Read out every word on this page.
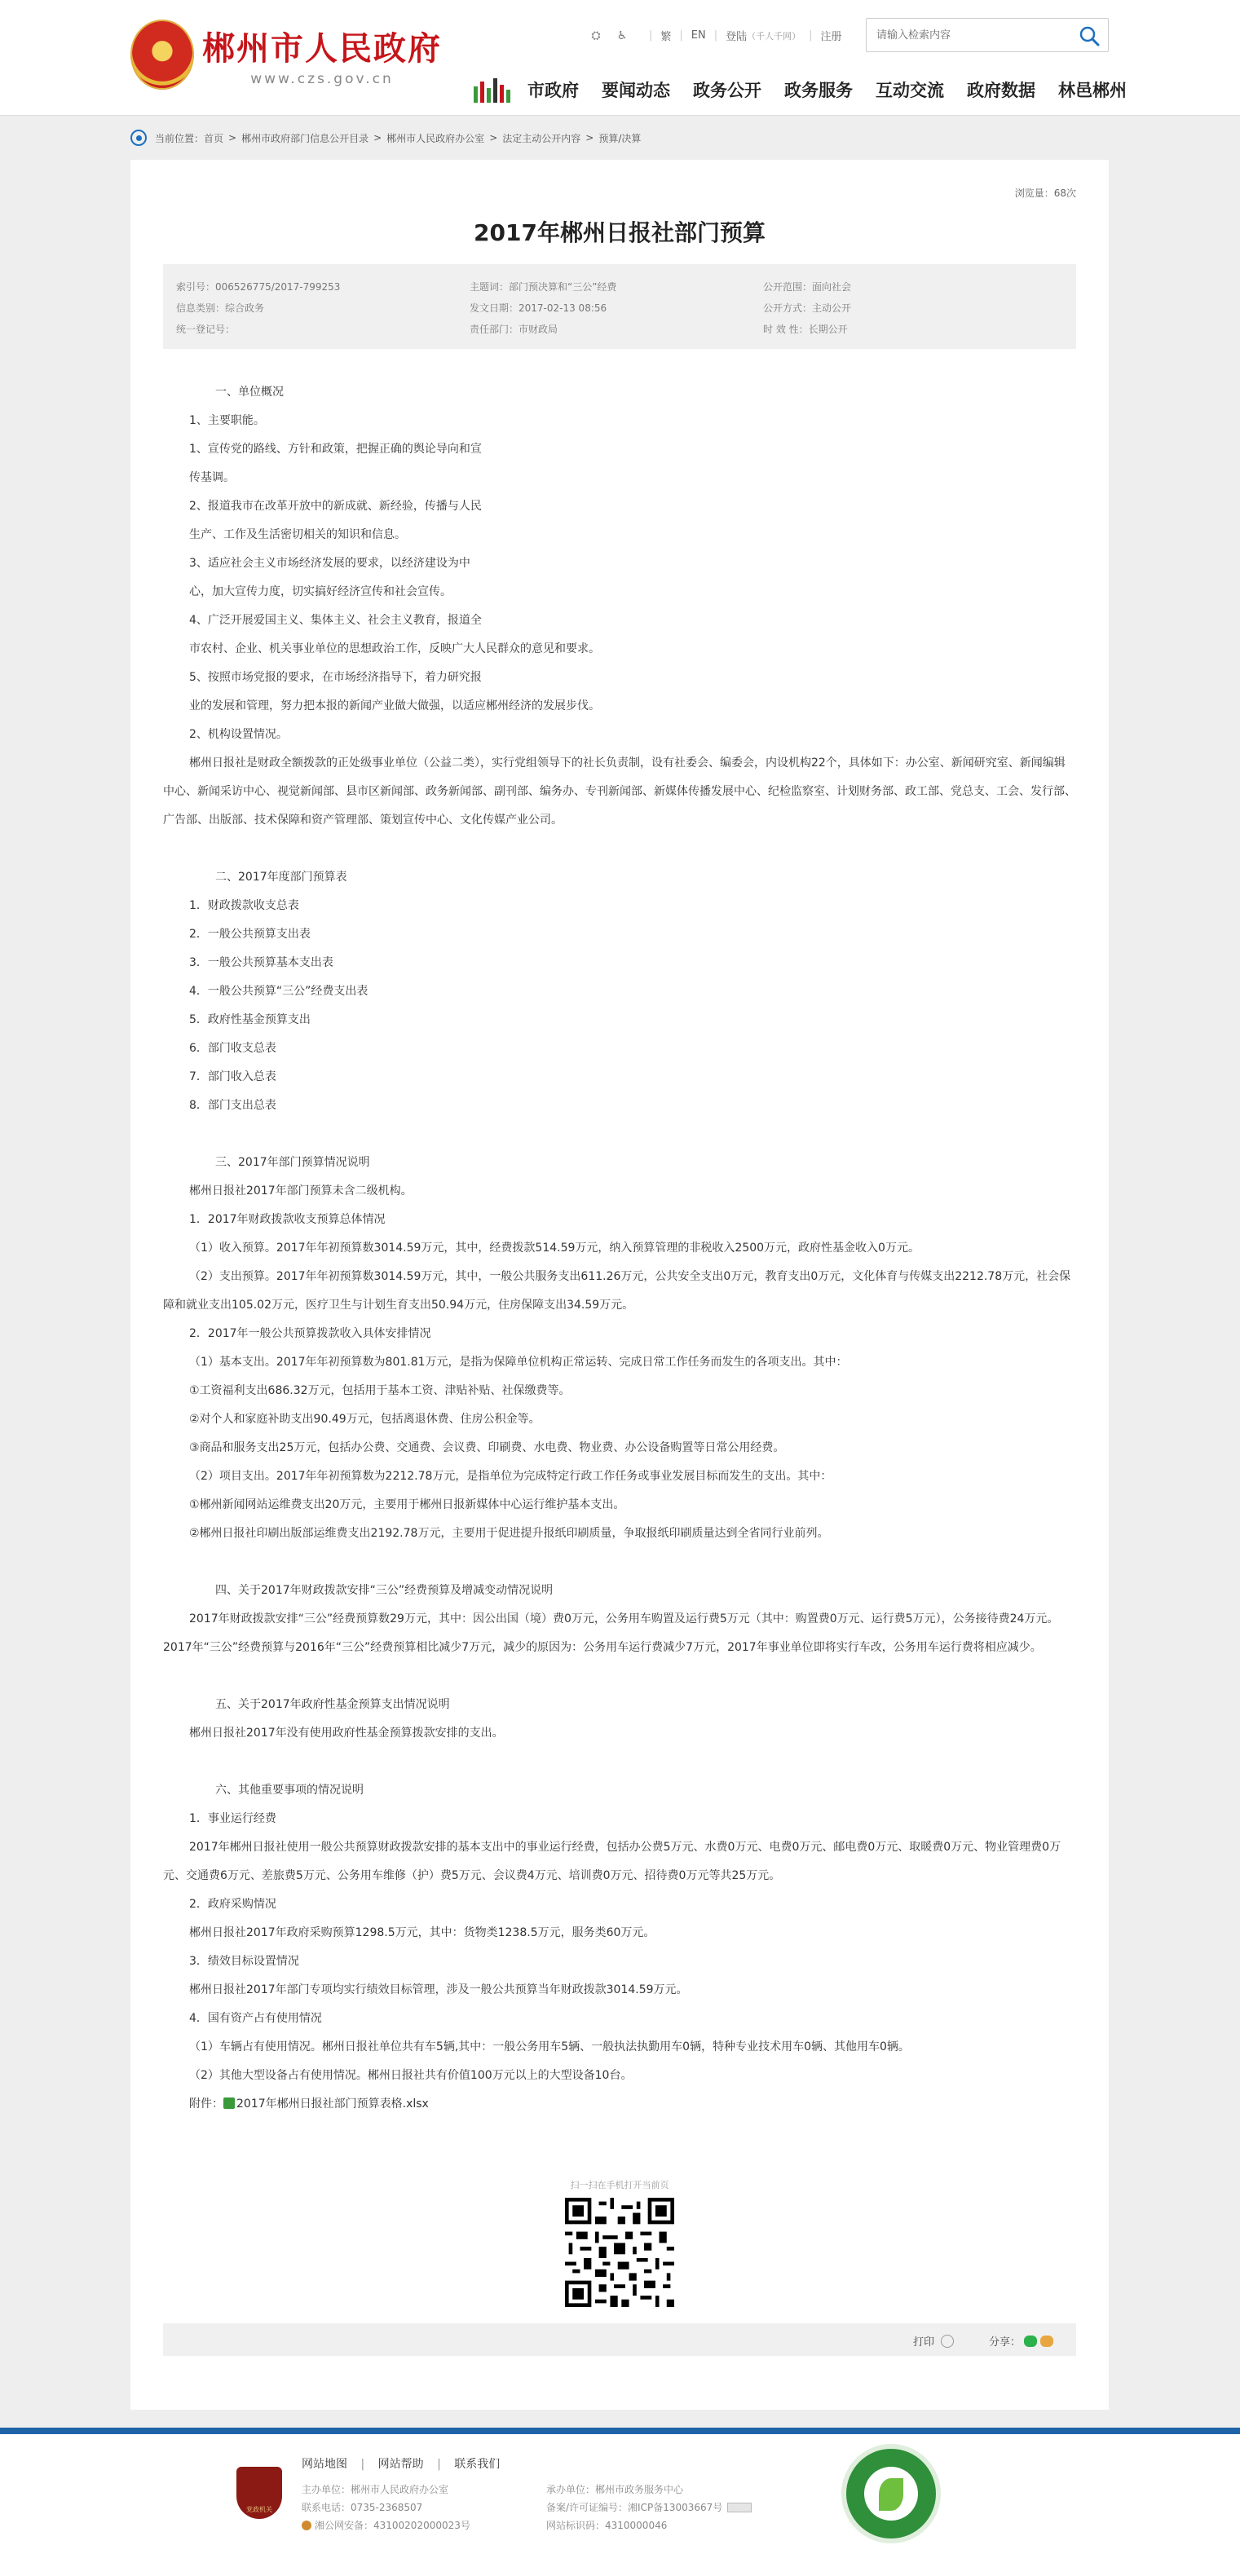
郴州市人民政府
www.czs.gov.cn
⛭ ♿ | 繁 | EN | 登陆 （千人千网） | 注册
请输入检索内容
市政府 要闻动态 政务公开 政务服务 互动交流 政府数据 林邑郴州
当前位置： 首页 > 郴州市政府部门信息公开目录 > 郴州市人民政府办公室 > 法定主动公开内容 > 预算/决算
浏览量：68次
2017年郴州日报社部门预算
索引号：006526775/2017-799253	主题词：部门预决算和“三公”经费	公开范围：面向社会
信息类别：综合政务	发文日期：2017-02-13 08:56	公开方式：主动公开
统一登记号：	责任部门：市财政局	时 效 性：长期公开

一、单位概况

1、主要职能。

1、宣传党的路线、方针和政策，把握正确的舆论导向和宣

传基调。

2、报道我市在改革开放中的新成就、新经验，传播与人民

生产、工作及生活密切相关的知识和信息。

3、适应社会主义市场经济发展的要求，以经济建设为中

心，加大宣传力度，切实搞好经济宣传和社会宣传。

4、广泛开展爱国主义、集体主义、社会主义教育，报道全

市农村、企业、机关事业单位的思想政治工作，反映广大人民群众的意见和要求。

5、按照市场党报的要求，在市场经济指导下，着力研究报

业的发展和管理，努力把本报的新闻产业做大做强，以适应郴州经济的发展步伐。

2、机构设置情况。

郴州日报社是财政全额拨款的正处级事业单位（公益二类），实行党组领导下的社长负责制，设有社委会、编委会，内设机构22个，具体如下：办公室、新闻研究室、新闻编辑中心、新闻采访中心、视觉新闻部、县市区新闻部、政务新闻部、副刊部、编务办、专刊新闻部、新媒体传播发展中心、纪检监察室、计划财务部、政工部、党总支、工会、发行部、广告部、出版部、技术保障和资产管理部、策划宣传中心、文化传媒产业公司。

二、2017年度部门预算表

1．财政拨款收支总表

2．一般公共预算支出表

3．一般公共预算基本支出表

4．一般公共预算“三公”经费支出表

5．政府性基金预算支出

6．部门收支总表

7．部门收入总表

8．部门支出总表

三、2017年部门预算情况说明

郴州日报社2017年部门预算未含二级机构。

1．2017年财政拨款收支预算总体情况

（1）收入预算。2017年年初预算数3014.59万元，其中，经费拨款514.59万元，纳入预算管理的非税收入2500万元，政府性基金收入0万元。

（2）支出预算。2017年年初预算数3014.59万元，其中，一般公共服务支出611.26万元，公共安全支出0万元，教育支出0万元，文化体育与传媒支出2212.78万元，社会保障和就业支出105.02万元，医疗卫生与计划生育支出50.94万元，住房保障支出34.59万元。

2．2017年一般公共预算拨款收入具体安排情况

（1）基本支出。2017年年初预算数为801.81万元，是指为保障单位机构正常运转、完成日常工作任务而发生的各项支出。其中：

①工资福利支出686.32万元，包括用于基本工资、津贴补贴、社保缴费等。

②对个人和家庭补助支出90.49万元，包括离退休费、住房公积金等。

③商品和服务支出25万元，包括办公费、交通费、会议费、印刷费、水电费、物业费、办公设备购置等日常公用经费。

（2）项目支出。2017年年初预算数为2212.78万元，是指单位为完成特定行政工作任务或事业发展目标而发生的支出。其中：

①郴州新闻网站运维费支出20万元，主要用于郴州日报新媒体中心运行维护基本支出。

②郴州日报社印刷出版部运维费支出2192.78万元，主要用于促进提升报纸印刷质量，争取报纸印刷质量达到全省同行业前列。

四、关于2017年财政拨款安排“三公”经费预算及增减变动情况说明

2017年财政拨款安排“三公”经费预算数29万元，其中：因公出国（境）费0万元，公务用车购置及运行费5万元（其中：购置费0万元、运行费5万元），公务接待费24万元。2017年“三公”经费预算与2016年“三公”经费预算相比减少7万元，减少的原因为：公务用车运行费减少7万元，2017年事业单位即将实行车改，公务用车运行费将相应减少。

五、关于2017年政府性基金预算支出情况说明

郴州日报社2017年没有使用政府性基金预算拨款安排的支出。

六、其他重要事项的情况说明

1．事业运行经费

2017年郴州日报社使用一般公共预算财政拨款安排的基本支出中的事业运行经费，包括办公费5万元、水费0万元、电费0万元、邮电费0万元、取暖费0万元、物业管理费0万元、交通费6万元、差旅费5万元、公务用车维修（护）费5万元、会议费4万元、培训费0万元、招待费0万元等共25万元。

2．政府采购情况

郴州日报社2017年政府采购预算1298.5万元，其中：货物类1238.5万元，服务类60万元。

3．绩效目标设置情况

郴州日报社2017年部门专项均实行绩效目标管理，涉及一般公共预算当年财政拨款3014.59万元。

4．国有资产占有使用情况

（1）车辆占有使用情况。郴州日报社单位共有车5辆,其中：一般公务用车5辆、一般执法执勤用车0辆，特种专业技术用车0辆、其他用车0辆。

（2）其他大型设备占有使用情况。郴州日报社共有价值100万元以上的大型设备10台。

附件： 2017年郴州日报社部门预算表格.xlsx

扫一扫在手机打开当前页
打印	分享：
党政机关
网站地图 | 网站帮助 | 联系我们
主办单位：郴州市人民政府办公室	承办单位：郴州市政务服务中心
联系电话：0735-2368507	备案/许可证编号：湘ICP备13003667号
湘公网安备：43100202000023号	网站标识码：4310000046
